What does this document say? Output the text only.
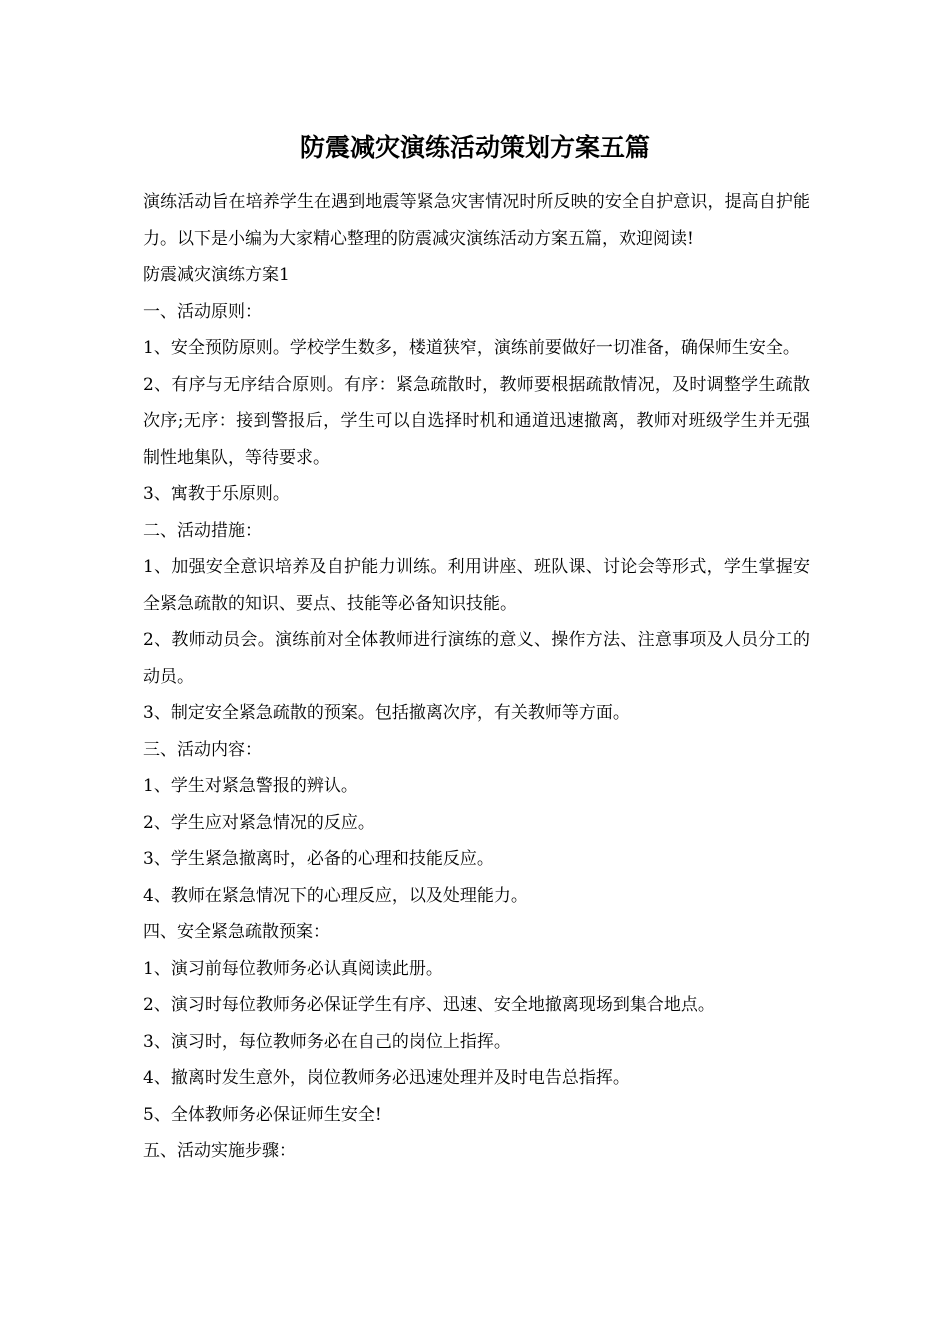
防震减灾演练活动策划方案五篇

演练活动旨在培养学生在遇到地震等紧急灾害情况时所反映的安全自护意识，提高自护能力。以下是小编为大家精心整理的防震减灾演练活动方案五篇，欢迎阅读!

防震减灾演练方案1

一、活动原则：

1、安全预防原则。学校学生数多，楼道狭窄，演练前要做好一切准备，确保师生安全。

2、有序与无序结合原则。有序：紧急疏散时，教师要根据疏散情况，及时调整学生疏散次序;无序：接到警报后，学生可以自选择时机和通道迅速撤离，教师对班级学生并无强制性地集队，等待要求。

3、寓教于乐原则。

二、活动措施：

1、加强安全意识培养及自护能力训练。利用讲座、班队课、讨论会等形式，学生掌握安全紧急疏散的知识、要点、技能等必备知识技能。

2、教师动员会。演练前对全体教师进行演练的意义、操作方法、注意事项及人员分工的动员。

3、制定安全紧急疏散的预案。包括撤离次序，有关教师等方面。

三、活动内容：

1、学生对紧急警报的辨认。

2、学生应对紧急情况的反应。

3、学生紧急撤离时，必备的心理和技能反应。

4、教师在紧急情况下的心理反应，以及处理能力。

四、安全紧急疏散预案：

1、演习前每位教师务必认真阅读此册。

2、演习时每位教师务必保证学生有序、迅速、安全地撤离现场到集合地点。

3、演习时，每位教师务必在自己的岗位上指挥。

4、撤离时发生意外，岗位教师务必迅速处理并及时电告总指挥。

5、全体教师务必保证师生安全!

五、活动实施步骤：
